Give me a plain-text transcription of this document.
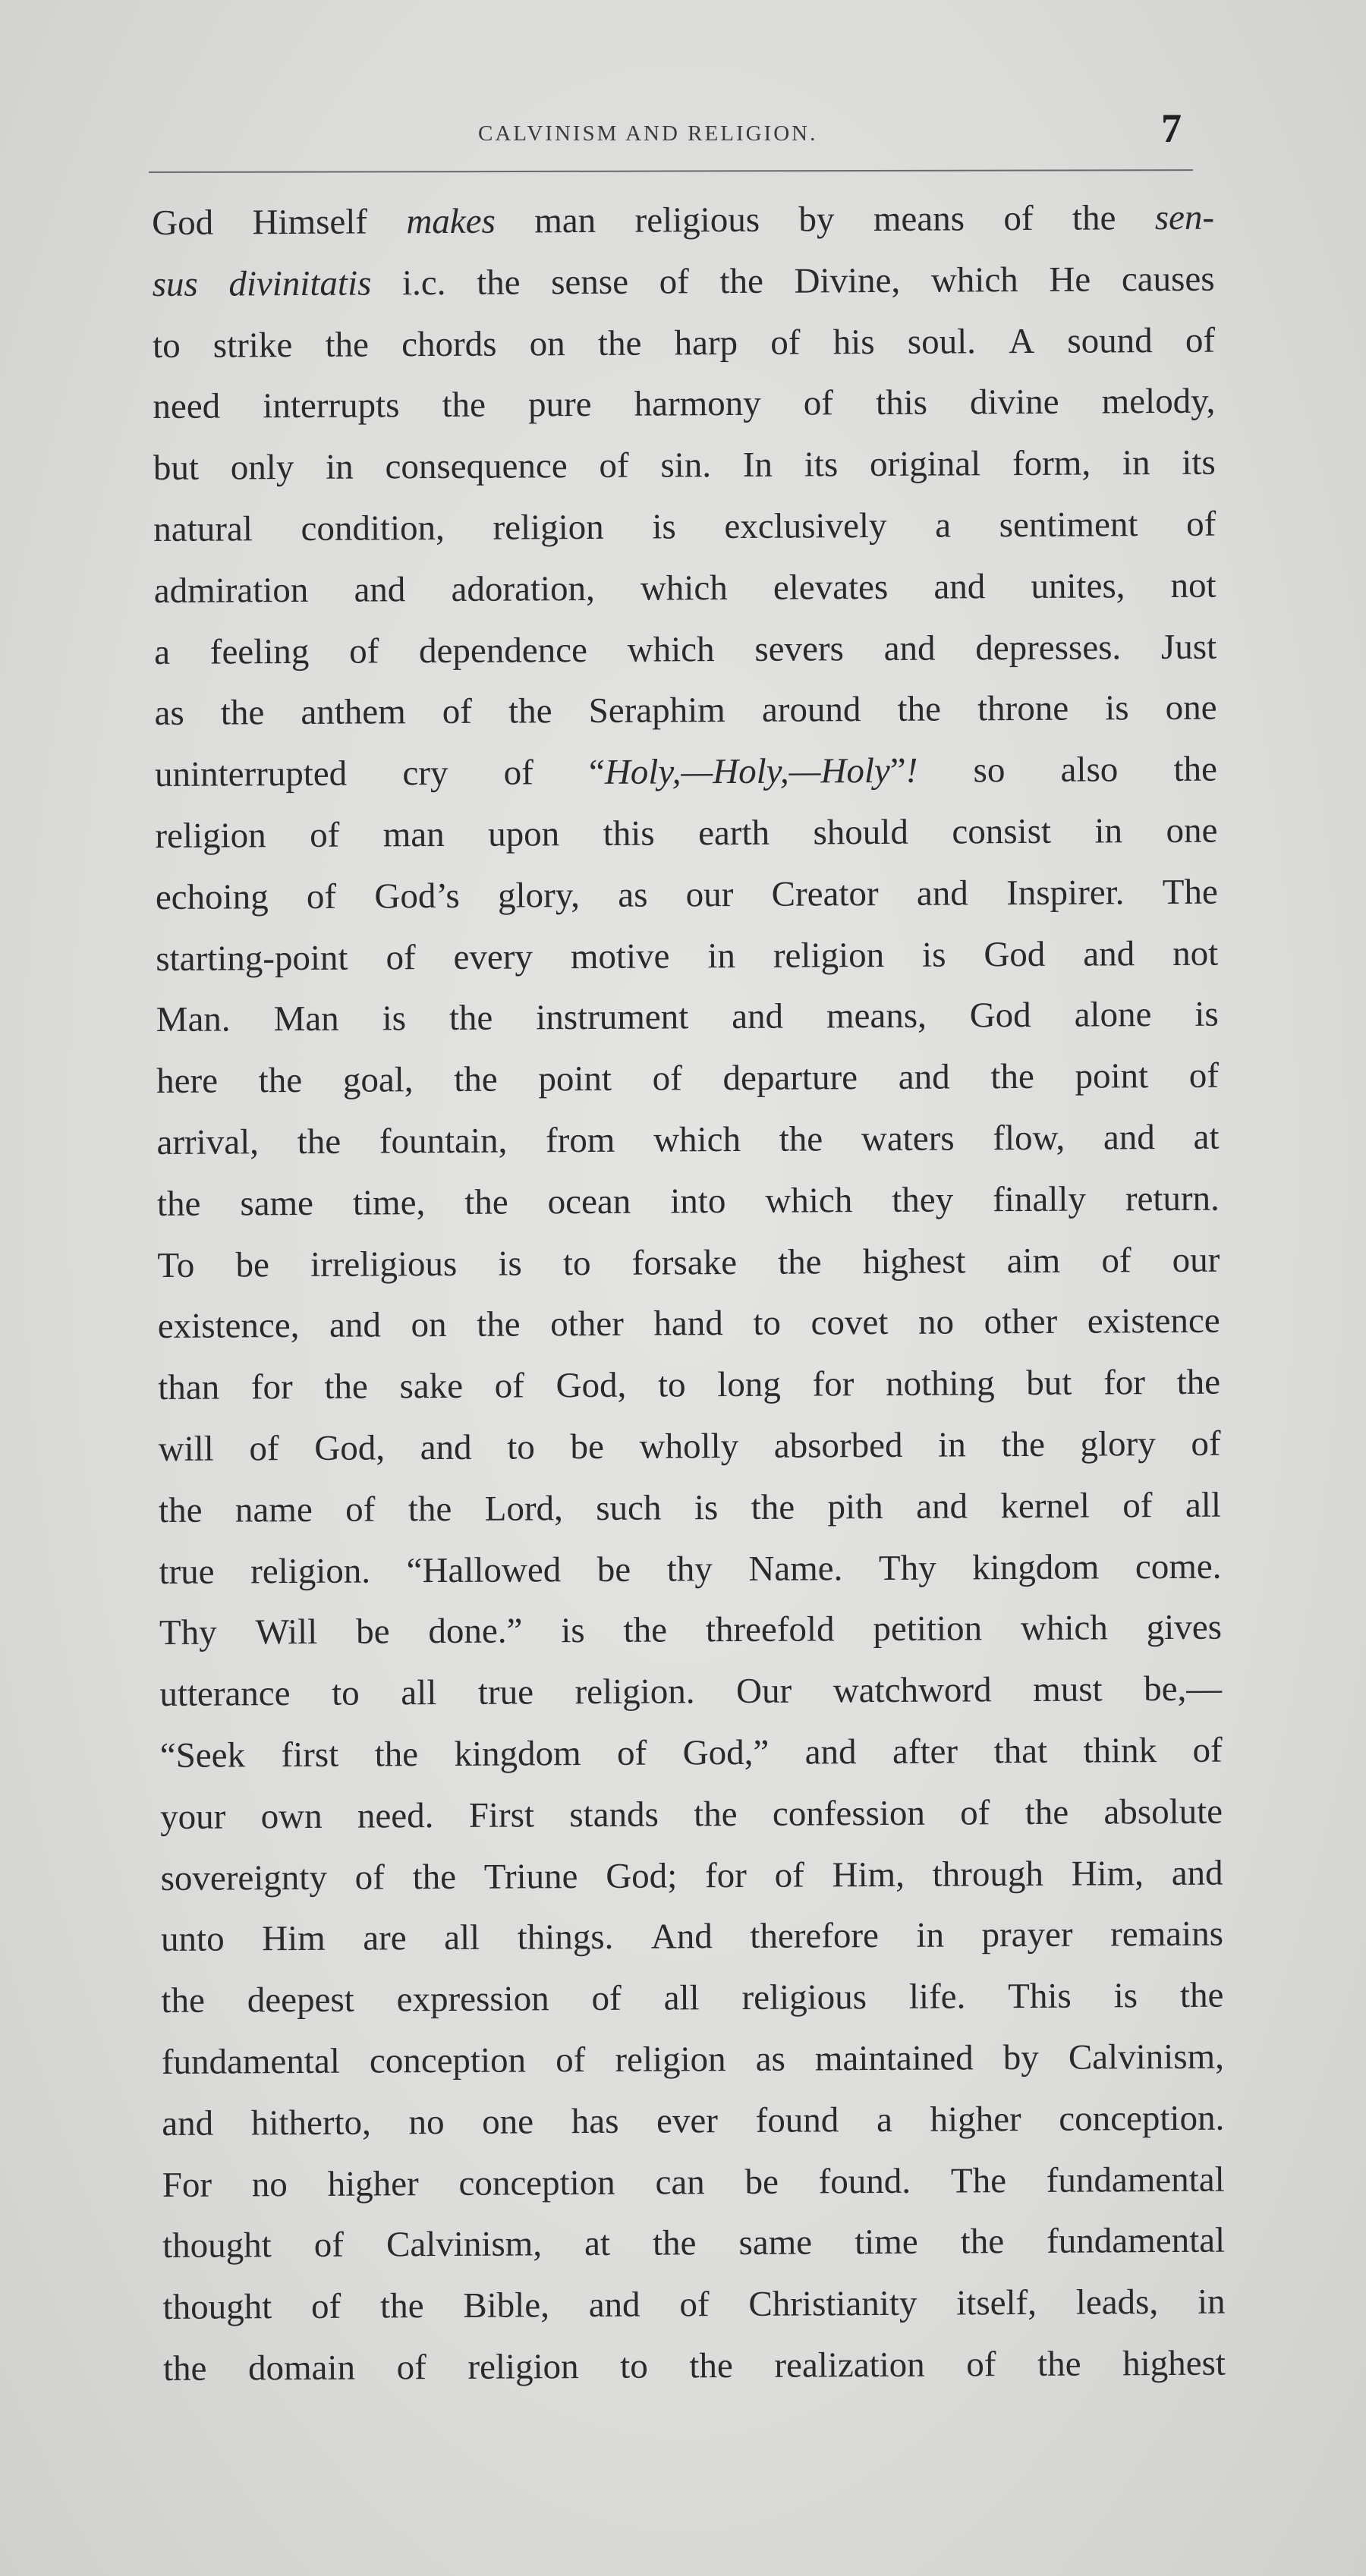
CALVINISM AND RELIGION.	7
God Himself makes man religious by means of the sen-
sus divinitatis i.c. the sense of the Divine, which He causes
to strike the chords on the harp of his soul. A sound of
need interrupts the pure harmony of this divine melody,
but only in consequence of sin. In its original form, in its
natural condition, religion is exclusively a sentiment of
admiration and adoration, which elevates and unites, not
a feeling of dependence which severs and depresses. Just
as the anthem of the Seraphim around the throne is one
uninterrupted cry of “Holy,—Holy,—Holy”! so also the
religion of man upon this earth should consist in one
echoing of God’s glory, as our Creator and Inspirer. The
starting-point of every motive in religion is God and not
Man. Man is the instrument and means, God alone is
here the goal, the point of departure and the point of
arrival, the fountain, from which the waters flow, and at
the same time, the ocean into which they finally return.
To be irreligious is to forsake the highest aim of our
existence, and on the other hand to covet no other existence
than for the sake of God, to long for nothing but for the
will of God, and to be wholly absorbed in the glory of
the name of the Lord, such is the pith and kernel of all
true religion. “Hallowed be thy Name. Thy kingdom come.
Thy Will be done.” is the threefold petition which gives
utterance to all true religion. Our watchword must be,—
“Seek first the kingdom of God,” and after that think of
your own need. First stands the confession of the absolute
sovereignty of the Triune God; for of Him, through Him, and
unto Him are all things. And therefore in prayer remains
the deepest expression of all religious life. This is the
fundamental conception of religion as maintained by Calvinism,
and hitherto, no one has ever found a higher conception.
For no higher conception can be found. The fundamental
thought of Calvinism, at the same time the fundamental
thought of the Bible, and of Christianity itself, leads, in
the domain of religion to the realization of the highest
